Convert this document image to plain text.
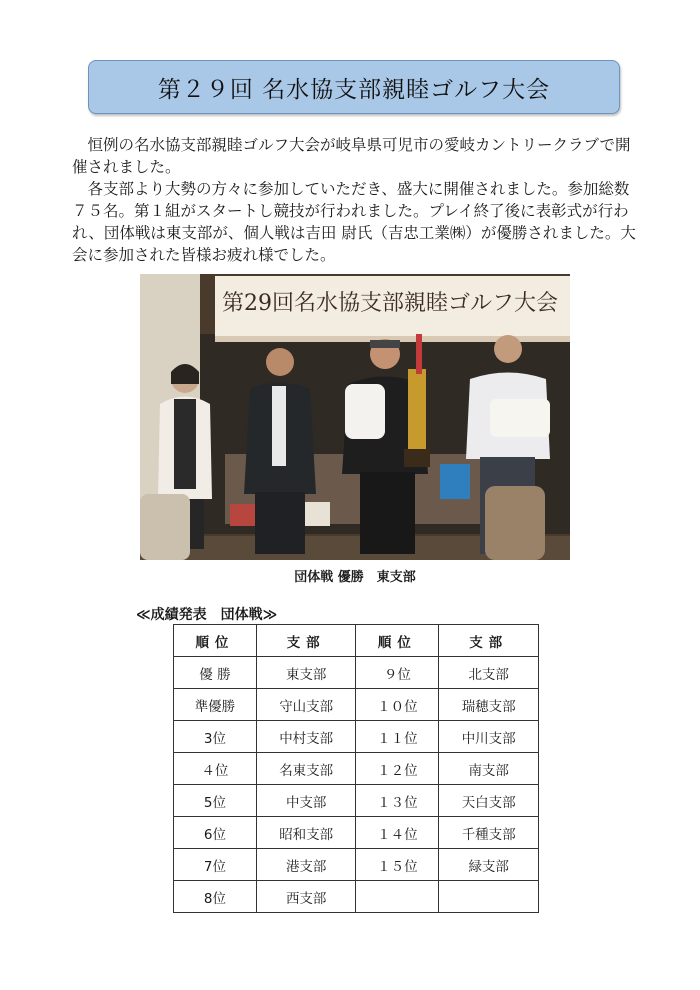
第２９回 名水協支部親睦ゴルフ大会

恒例の名水協支部親睦ゴルフ大会が岐阜県可児市の愛岐カントリークラブで開催されました。

各支部より大勢の方々に参加していただき、盛大に開催されました。参加総数７５名。第１組がスタートし競技が行われました。プレイ終了後に表彰式が行われ、団体戦は東支部が、個人戦は吉田 尉氏（吉忠工業㈱）が優勝されました。大会に参加された皆様お疲れ様でした。

第29回名水協支部親睦ゴルフ大会
団体戦 優勝　東支部
≪成績発表　団体戦≫
順位	支部	順位	支部
優 勝	東支部	９位	北支部
準優勝	守山支部	１０位	瑞穂支部
3位	中村支部	１１位	中川支部
４位	名東支部	１２位	南支部
5位	中支部	１３位	天白支部
6位	昭和支部	１４位	千種支部
7位	港支部	１５位	緑支部
8位	西支部		
